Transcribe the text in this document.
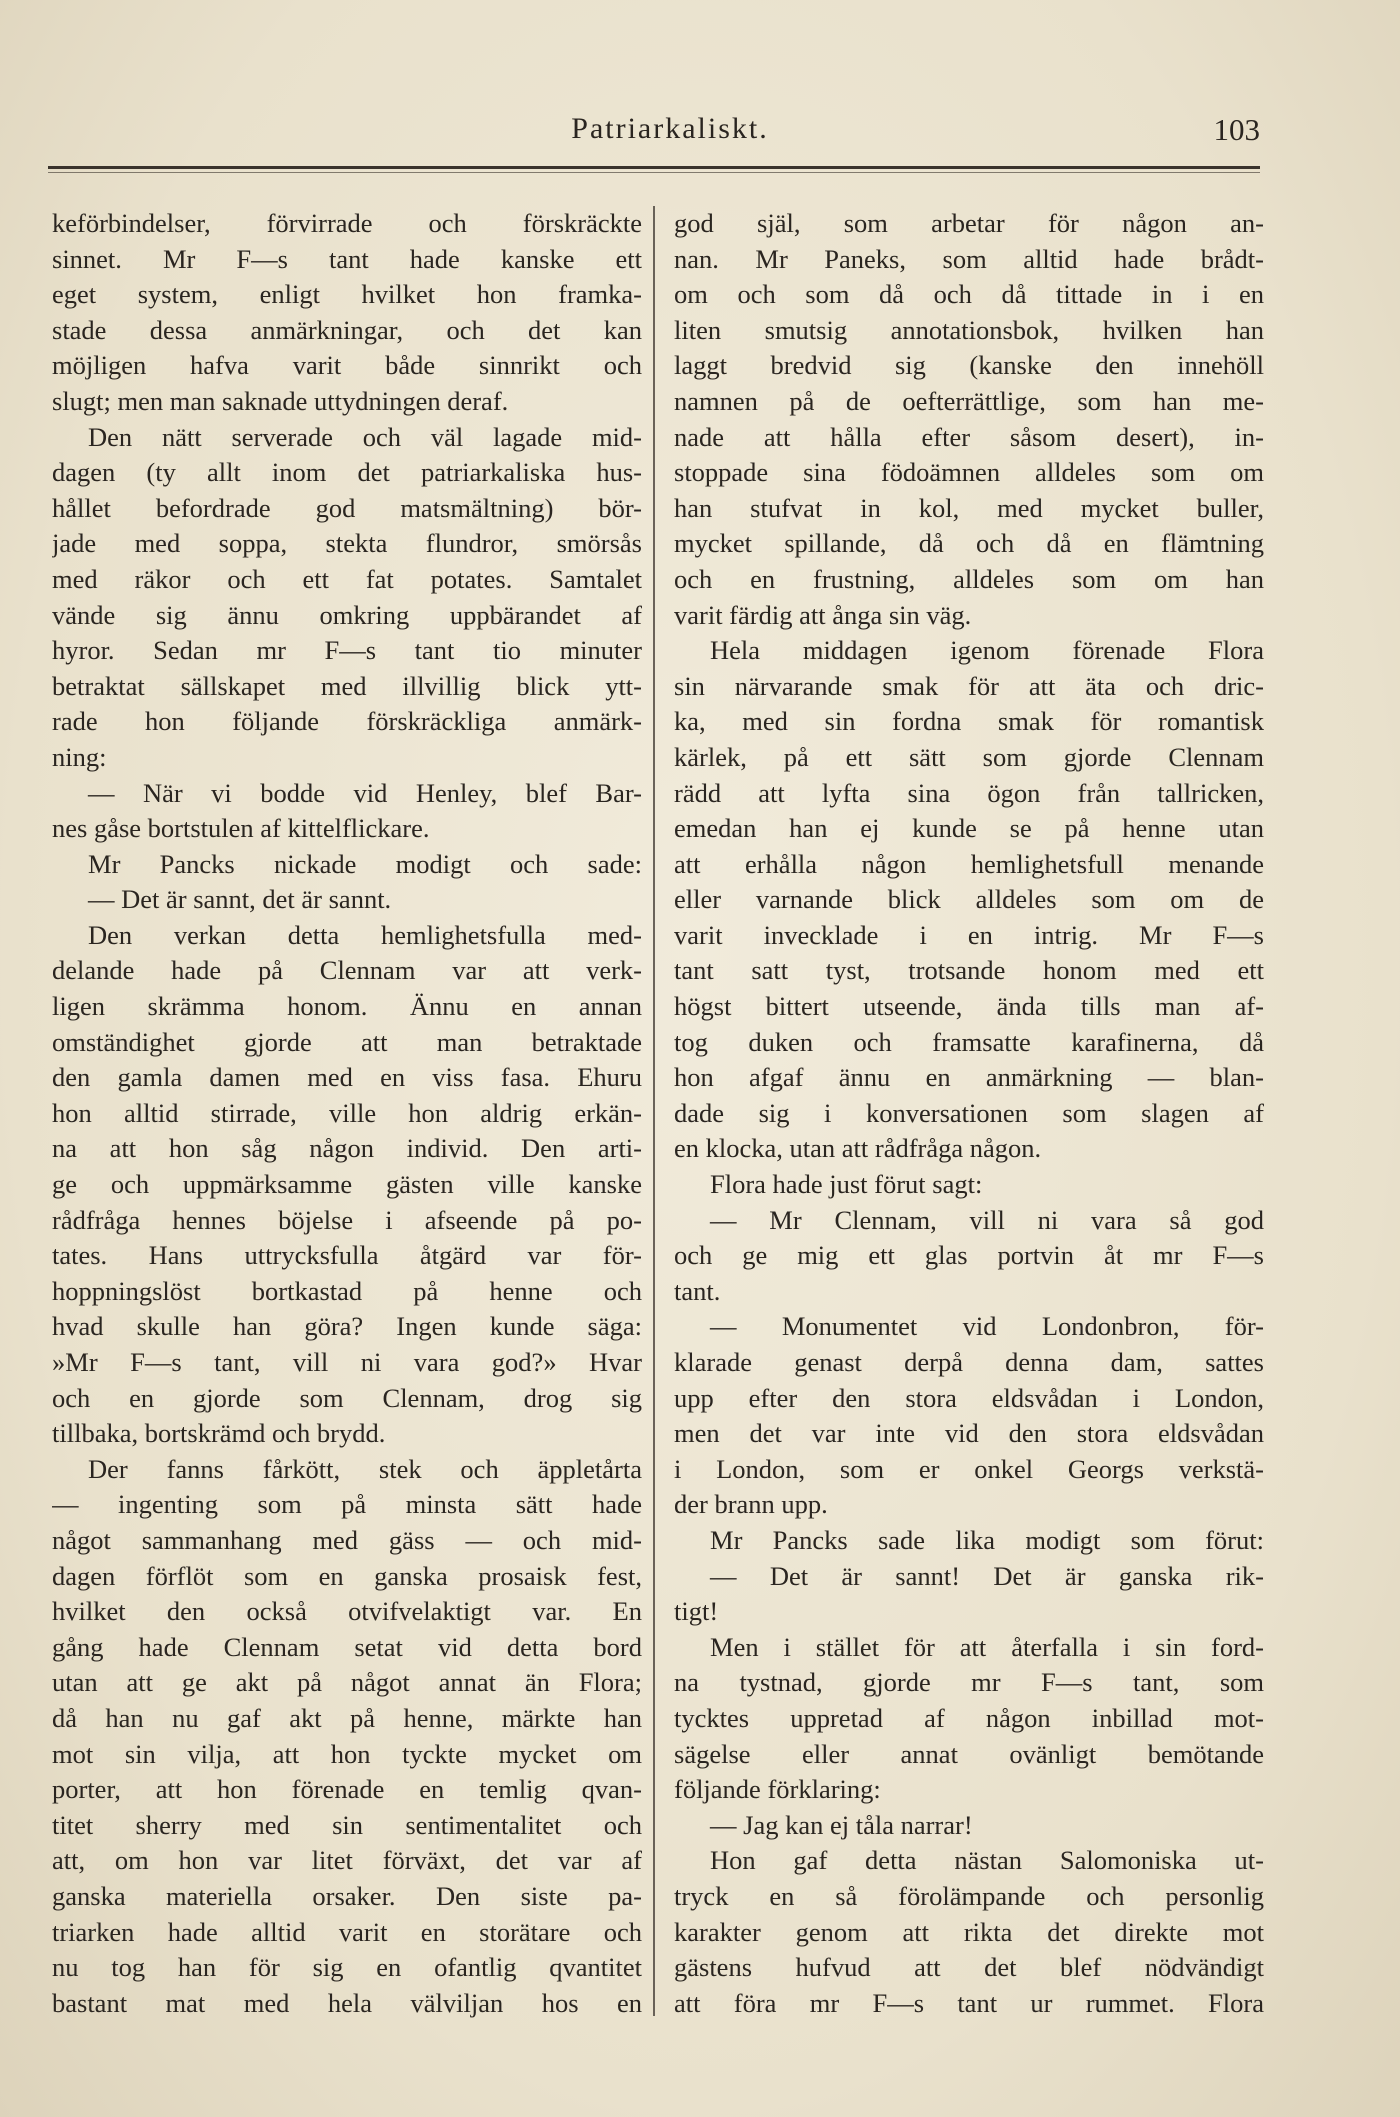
Patriarkaliskt.	103

keförbindelser, förvirrade och förskräckte

sinnet. Mr F—s tant hade kanske ett

eget system, enligt hvilket hon framka-

stade dessa anmärkningar, och det kan

möjligen hafva varit både sinnrikt och

slugt; men man saknade uttydningen deraf.

Den nätt serverade och väl lagade mid-

dagen (ty allt inom det patriarkaliska hus-

hållet befordrade god matsmältning) bör-

jade med soppa, stekta flundror, smörsås

med räkor och ett fat potates. Samtalet

vände sig ännu omkring uppbärandet af

hyror. Sedan mr F—s tant tio minuter

betraktat sällskapet med illvillig blick ytt-

rade hon följande förskräckliga anmärk-

ning:

— När vi bodde vid Henley, blef Bar-

nes gåse bortstulen af kittelflickare.

Mr Pancks nickade modigt och sade:

— Det är sannt, det är sannt.

Den verkan detta hemlighetsfulla med-

delande hade på Clennam var att verk-

ligen skrämma honom. Ännu en annan

omständighet gjorde att man betraktade

den gamla damen med en viss fasa. Ehuru

hon alltid stirrade, ville hon aldrig erkän-

na att hon såg någon individ. Den arti-

ge och uppmärksamme gästen ville kanske

rådfråga hennes böjelse i afseende på po-

tates. Hans uttrycksfulla åtgärd var för-

hoppningslöst bortkastad på henne och

hvad skulle han göra? Ingen kunde säga:

»Mr F—s tant, vill ni vara god?» Hvar

och en gjorde som Clennam, drog sig

tillbaka, bortskrämd och brydd.

Der fanns fårkött, stek och äppletårta

— ingenting som på minsta sätt hade

något sammanhang med gäss — och mid-

dagen förflöt som en ganska prosaisk fest,

hvilket den också otvifvelaktigt var. En

gång hade Clennam setat vid detta bord

utan att ge akt på något annat än Flora;

då han nu gaf akt på henne, märkte han

mot sin vilja, att hon tyckte mycket om

porter, att hon förenade en temlig qvan-

titet sherry med sin sentimentalitet och

att, om hon var litet förväxt, det var af

ganska materiella orsaker. Den siste pa-

triarken hade alltid varit en storätare och

nu tog han för sig en ofantlig qvantitet

bastant mat med hela välviljan hos en

god själ, som arbetar för någon an-

nan. Mr Paneks, som alltid hade brådt-

om och som då och då tittade in i en

liten smutsig annotationsbok, hvilken han

laggt bredvid sig (kanske den innehöll

namnen på de oefterrättlige, som han me-

nade att hålla efter såsom desert), in-

stoppade sina födoämnen alldeles som om

han stufvat in kol, med mycket buller,

mycket spillande, då och då en flämtning

och en frustning, alldeles som om han

varit färdig att ånga sin väg.

Hela middagen igenom förenade Flora

sin närvarande smak för att äta och dric-

ka, med sin fordna smak för romantisk

kärlek, på ett sätt som gjorde Clennam

rädd att lyfta sina ögon från tallricken,

emedan han ej kunde se på henne utan

att erhålla någon hemlighetsfull menande

eller varnande blick alldeles som om de

varit invecklade i en intrig. Mr F—s

tant satt tyst, trotsande honom med ett

högst bittert utseende, ända tills man af-

tog duken och framsatte karafinerna, då

hon afgaf ännu en anmärkning — blan-

dade sig i konversationen som slagen af

en klocka, utan att rådfråga någon.

Flora hade just förut sagt:

— Mr Clennam, vill ni vara så god

och ge mig ett glas portvin åt mr F—s

tant.

— Monumentet vid Londonbron, för-

klarade genast derpå denna dam, sattes

upp efter den stora eldsvådan i London,

men det var inte vid den stora eldsvådan

i London, som er onkel Georgs verkstä-

der brann upp.

Mr Pancks sade lika modigt som förut:

— Det är sannt! Det är ganska rik-

tigt!

Men i stället för att återfalla i sin ford-

na tystnad, gjorde mr F—s tant, som

tycktes uppretad af någon inbillad mot-

sägelse eller annat ovänligt bemötande

följande förklaring:

— Jag kan ej tåla narrar!

Hon gaf detta nästan Salomoniska ut-

tryck en så förolämpande och personlig

karakter genom att rikta det direkte mot

gästens hufvud att det blef nödvändigt

att föra mr F—s tant ur rummet. Flora
